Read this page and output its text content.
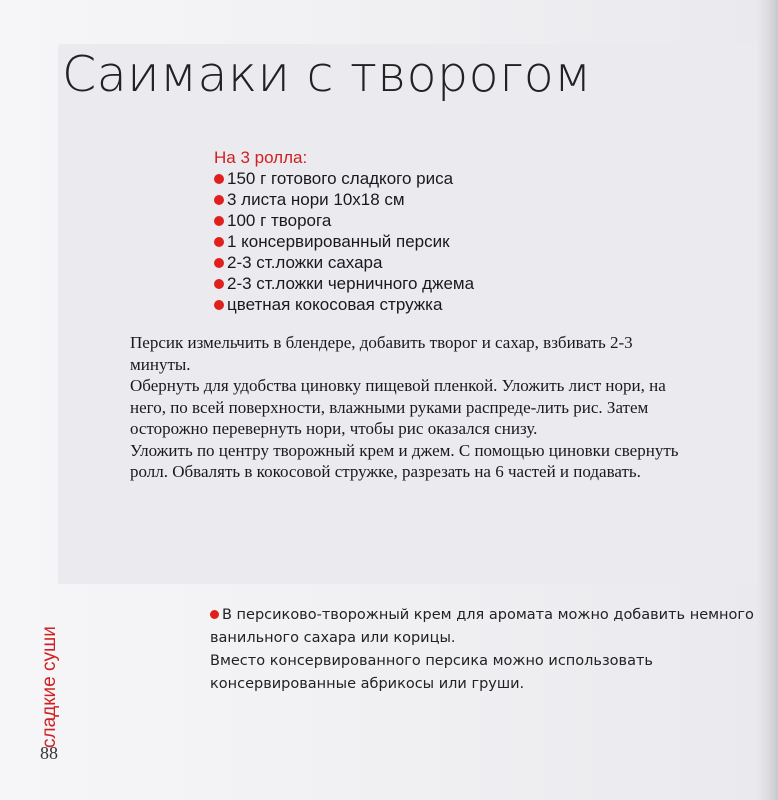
Саимаки с творогом
На 3 ролла:
150 г готового сладкого риса
3 листа нори 10x18 см
100 г творога
1 консервированный персик
2-3 ст.ложки сахара
2-3 ст.ложки черничного джема
цветная кокосовая стружка

Персик измельчить в блендере, добавить творог и сахар, взбивать 2-3 минуты.

Обернуть для удобства циновку пищевой пленкой. Уложить лист нори, на него, по всей поверхности, влажными руками распреде-лить рис. Затем осторожно перевернуть нори, чтобы рис оказался снизу.

Уложить по центру творожный крем и джем. С помощью циновки свернуть ролл. Обвалять в кокосовой стружке, разрезать на 6 частей и подавать.

В персиково-творожный крем для аромата можно добавить немного

ванильного сахара или корицы.

Вместо консервированного персика можно использовать

консервированные абрикосы или груши.

сладкие суши
88
